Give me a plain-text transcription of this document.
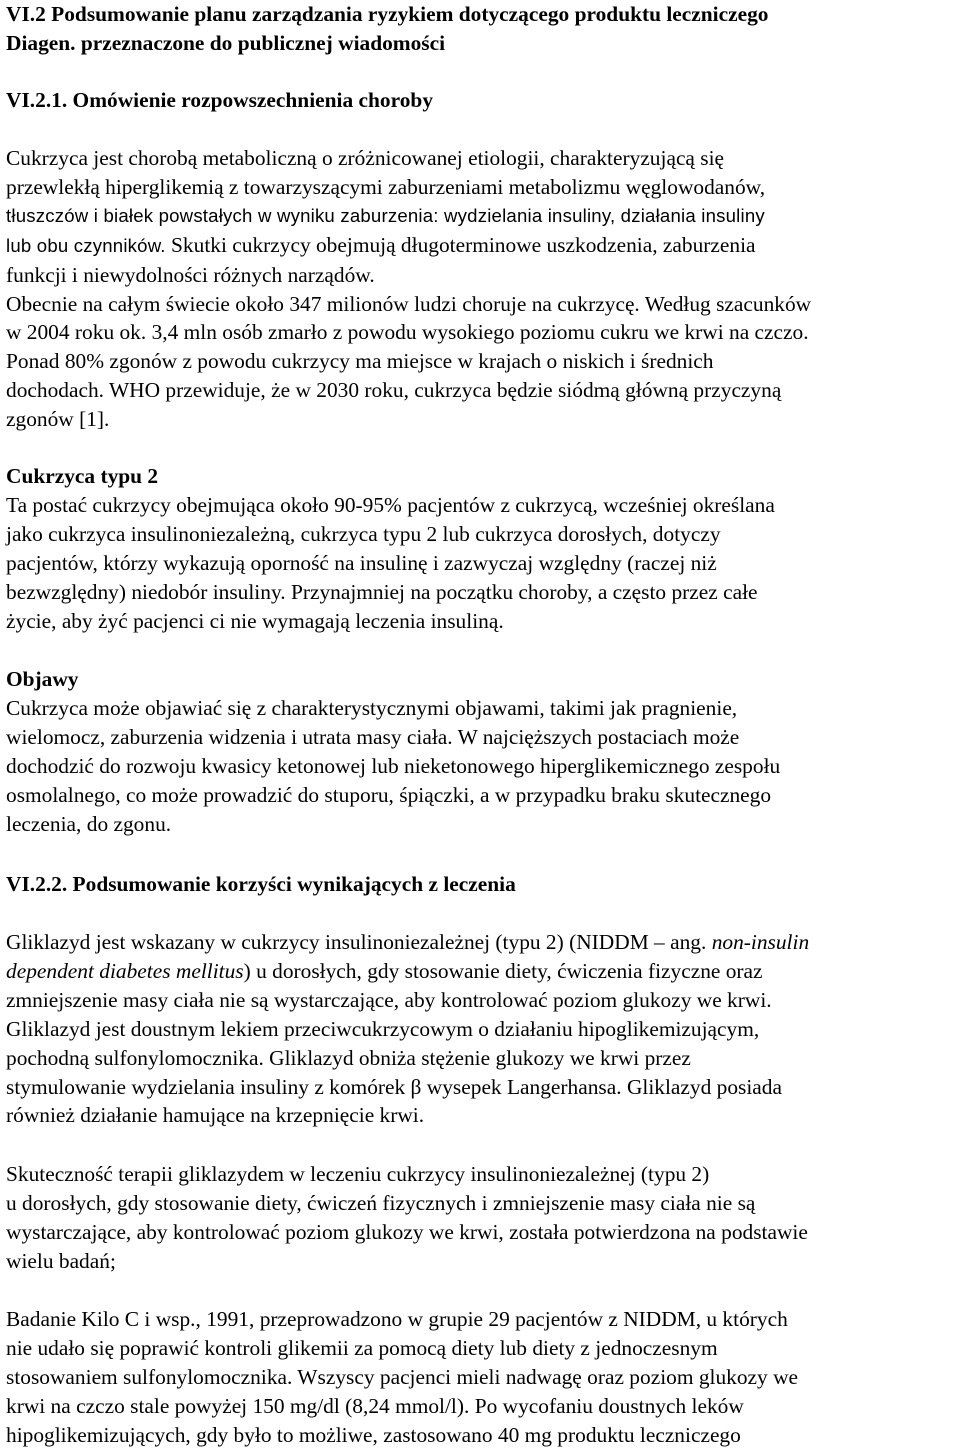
VI.2 Podsumowanie planu zarządzania ryzykiem dotyczącego produktu leczniczego

Diagen. przeznaczone do publicznej wiadomości

VI.2.1. Omówienie rozpowszechnienia choroby

Cukrzyca jest chorobą metaboliczną o zróżnicowanej etiologii, charakteryzującą się

przewlekłą hiperglikemią z towarzyszącymi zaburzeniami metabolizmu węglowodanów,

tłuszczów i białek powstałych w wyniku zaburzenia: wydzielania insuliny, działania insuliny

lub obu czynników. Skutki cukrzycy obejmują długoterminowe uszkodzenia, zaburzenia

funkcji i niewydolności różnych narządów.

Obecnie na całym świecie około 347 milionów ludzi choruje na cukrzycę. Według szacunków

w 2004 roku ok. 3,4 mln osób zmarło z powodu wysokiego poziomu cukru we krwi na czczo.

Ponad 80% zgonów z powodu cukrzycy ma miejsce w krajach o niskich i średnich

dochodach. WHO przewiduje, że w 2030 roku, cukrzyca będzie siódmą główną przyczyną

zgonów [1].

Cukrzyca typu 2

Ta postać cukrzycy obejmująca około 90-95% pacjentów z cukrzycą, wcześniej określana

jako cukrzyca insulinoniezależną, cukrzyca typu 2 lub cukrzyca dorosłych, dotyczy

pacjentów, którzy wykazują oporność na insulinę i zazwyczaj względny (raczej niż

bezwzględny) niedobór insuliny. Przynajmniej na początku choroby, a często przez całe

życie, aby żyć pacjenci ci nie wymagają leczenia insuliną.

Objawy

Cukrzyca może objawiać się z charakterystycznymi objawami, takimi jak pragnienie,

wielomocz, zaburzenia widzenia i utrata masy ciała. W najcięższych postaciach może

dochodzić do rozwoju kwasicy ketonowej lub nieketonowego hiperglikemicznego zespołu

osmolalnego, co może prowadzić do stuporu, śpiączki, a w przypadku braku skutecznego

leczenia, do zgonu.

VI.2.2. Podsumowanie korzyści wynikających z leczenia

Gliklazyd jest wskazany w cukrzycy insulinoniezależnej (typu 2) (NIDDM – ang. non-insulin

dependent diabetes mellitus) u dorosłych, gdy stosowanie diety, ćwiczenia fizyczne oraz

zmniejszenie masy ciała nie są wystarczające, aby kontrolować poziom glukozy we krwi.

Gliklazyd jest doustnym lekiem przeciwcukrzycowym o działaniu hipoglikemizującym,

pochodną sulfonylomocznika. Gliklazyd obniża stężenie glukozy we krwi przez

stymulowanie wydzielania insuliny z komórek β wysepek Langerhansa. Gliklazyd posiada

również działanie hamujące na krzepnięcie krwi.

Skuteczność terapii gliklazydem w leczeniu cukrzycy insulinoniezależnej (typu 2)

u dorosłych, gdy stosowanie diety, ćwiczeń fizycznych i zmniejszenie masy ciała nie są

wystarczające, aby kontrolować poziom glukozy we krwi, została potwierdzona na podstawie

wielu badań;

Badanie Kilo C i wsp., 1991, przeprowadzono w grupie 29 pacjentów z NIDDM, u których

nie udało się poprawić kontroli glikemii za pomocą diety lub diety z jednoczesnym

stosowaniem sulfonylomocznika. Wszyscy pacjenci mieli nadwagę oraz poziom glukozy we

krwi na czczo stale powyżej 150 mg/dl (8,24 mmol/l). Po wycofaniu doustnych leków

hipoglikemizujących, gdy było to możliwe, zastosowano 40 mg produktu leczniczego
